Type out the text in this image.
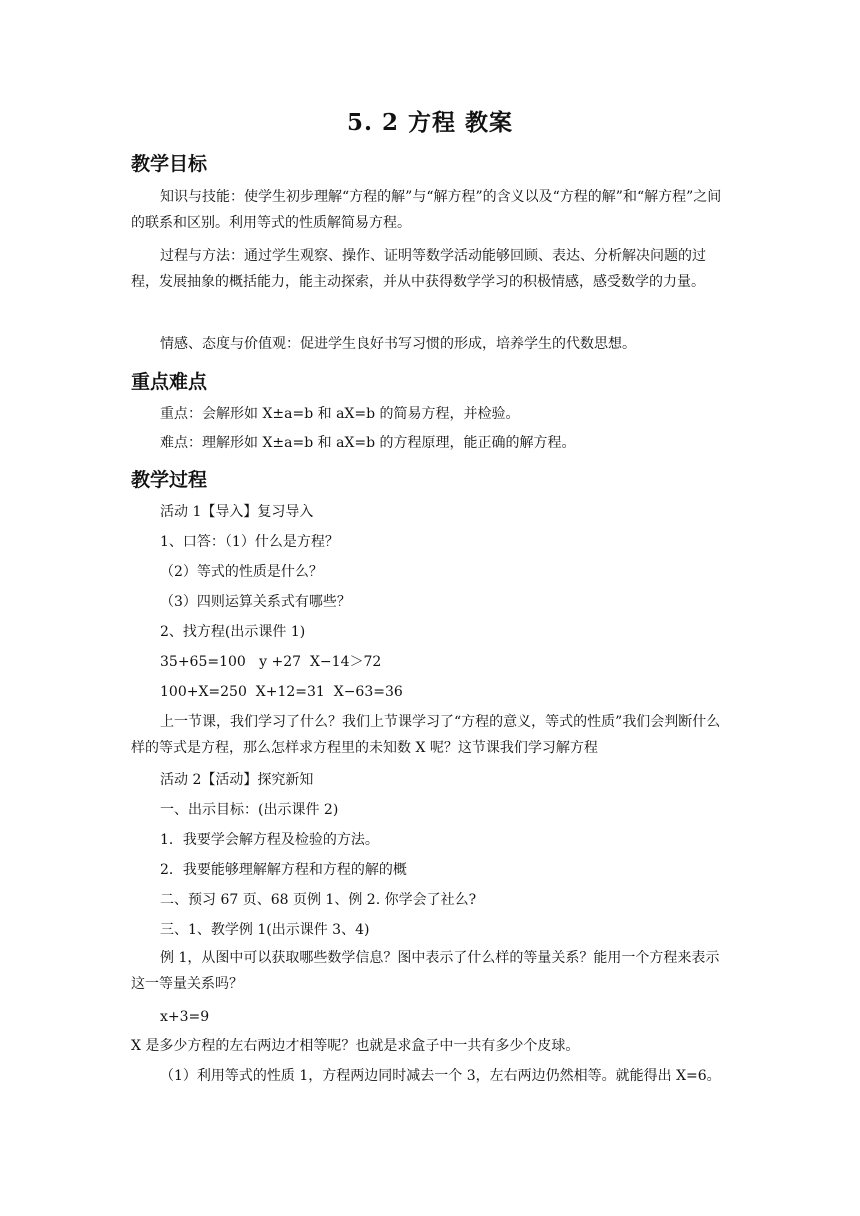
5. 2 方程 教案
教学目标

知识与技能：使学生初步理解“方程的解”与“解方程”的含义以及“方程的解”和“解方程”之间的联系和区别。利用等式的性质解简易方程。

过程与方法：通过学生观察、操作、证明等数学活动能够回顾、表达、分析解决问题的过程，发展抽象的概括能力，能主动探索，并从中获得数学学习的积极情感，感受数学的力量。

情感、态度与价值观：促进学生良好书写习惯的形成，培养学生的代数思想。

重点难点

重点：会解形如 X±a=b 和 aX=b 的简易方程，并检验。

难点：理解形如 X±a=b 和 aX=b 的方程原理，能正确的解方程。

教学过程

活动 1【导入】复习导入

1、口答：（1）什么是方程？

（2）等式的性质是什么？

（3）四则运算关系式有哪些？

2、找方程(出示课件 1)

35+65=100   y +27  X−14＞72

100+X=250  X+12=31  X−63=36

上一节课，我们学习了什么？我们上节课学习了“方程的意义，等式的性质”我们会判断什么样的等式是方程，那么怎样求方程里的未知数 X 呢？这节课我们学习解方程

活动 2【活动】探究新知

一、出示目标：(出示课件 2)

1．我要学会解方程及检验的方法。

2．我要能够理解解方程和方程的解的概

二、预习 67 页、68 页例 1、例 2. 你学会了社么?

三、1、教学例 1(出示课件 3、4)

例 1，从图中可以获取哪些数学信息？图中表示了什么样的等量关系？能用一个方程来表示这一等量关系吗？

x+3=9

X 是多少方程的左右两边才相等呢？也就是求盒子中一共有多少个皮球。

（1）利用等式的性质 1，方程两边同时减去一个 3，左右两边仍然相等。就能得出 X=6。
